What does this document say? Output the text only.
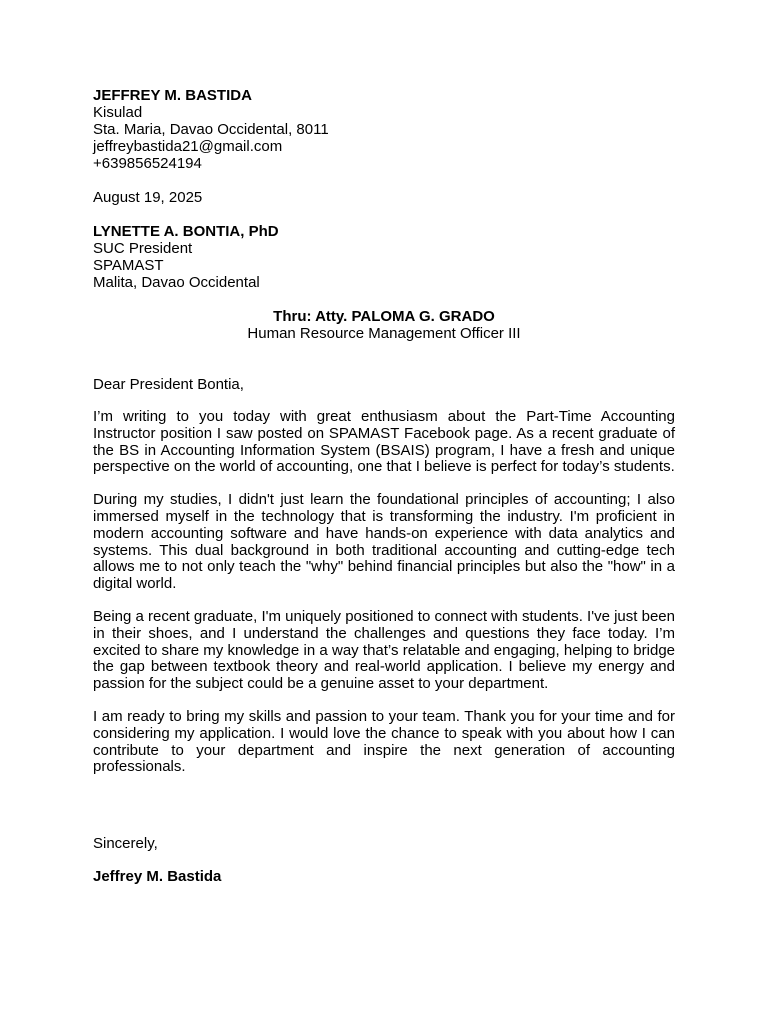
JEFFREY M. BASTIDA
Kisulad
Sta. Maria, Davao Occidental, 8011
jeffreybastida21@gmail.com
+639856524194
August 19, 2025
LYNETTE A. BONTIA, PhD
SUC President
SPAMAST
Malita, Davao Occidental
Thru: Atty. PALOMA G. GRADO
Human Resource Management Officer III
Dear President Bontia,

I’m writing to you today with great enthusiasm about the Part-Time Accounting Instructor position I saw posted on SPAMAST Facebook page. As a recent graduate of the BS in Accounting Information System (BSAIS) program, I have a fresh and unique perspective on the world of accounting, one that I believe is perfect for today’s students.

During my studies, I didn't just learn the foundational principles of accounting; I also immersed myself in the technology that is transforming the industry. I'm proficient in modern accounting software and have hands-on experience with data analytics and systems. This dual background in both traditional accounting and cutting-edge tech allows me to not only teach the "why" behind financial principles but also the "how" in a digital world.

Being a recent graduate, I'm uniquely positioned to connect with students. I've just been in their shoes, and I understand the challenges and questions they face today. I’m excited to share my knowledge in a way that’s relatable and engaging, helping to bridge the gap between textbook theory and real-world application. I believe my energy and passion for the subject could be a genuine asset to your department.

I am ready to bring my skills and passion to your team. Thank you for your time and for considering my application. I would love the chance to speak with you about how I can contribute to your department and inspire the next generation of accounting professionals.

Sincerely,
Jeffrey M. Bastida
